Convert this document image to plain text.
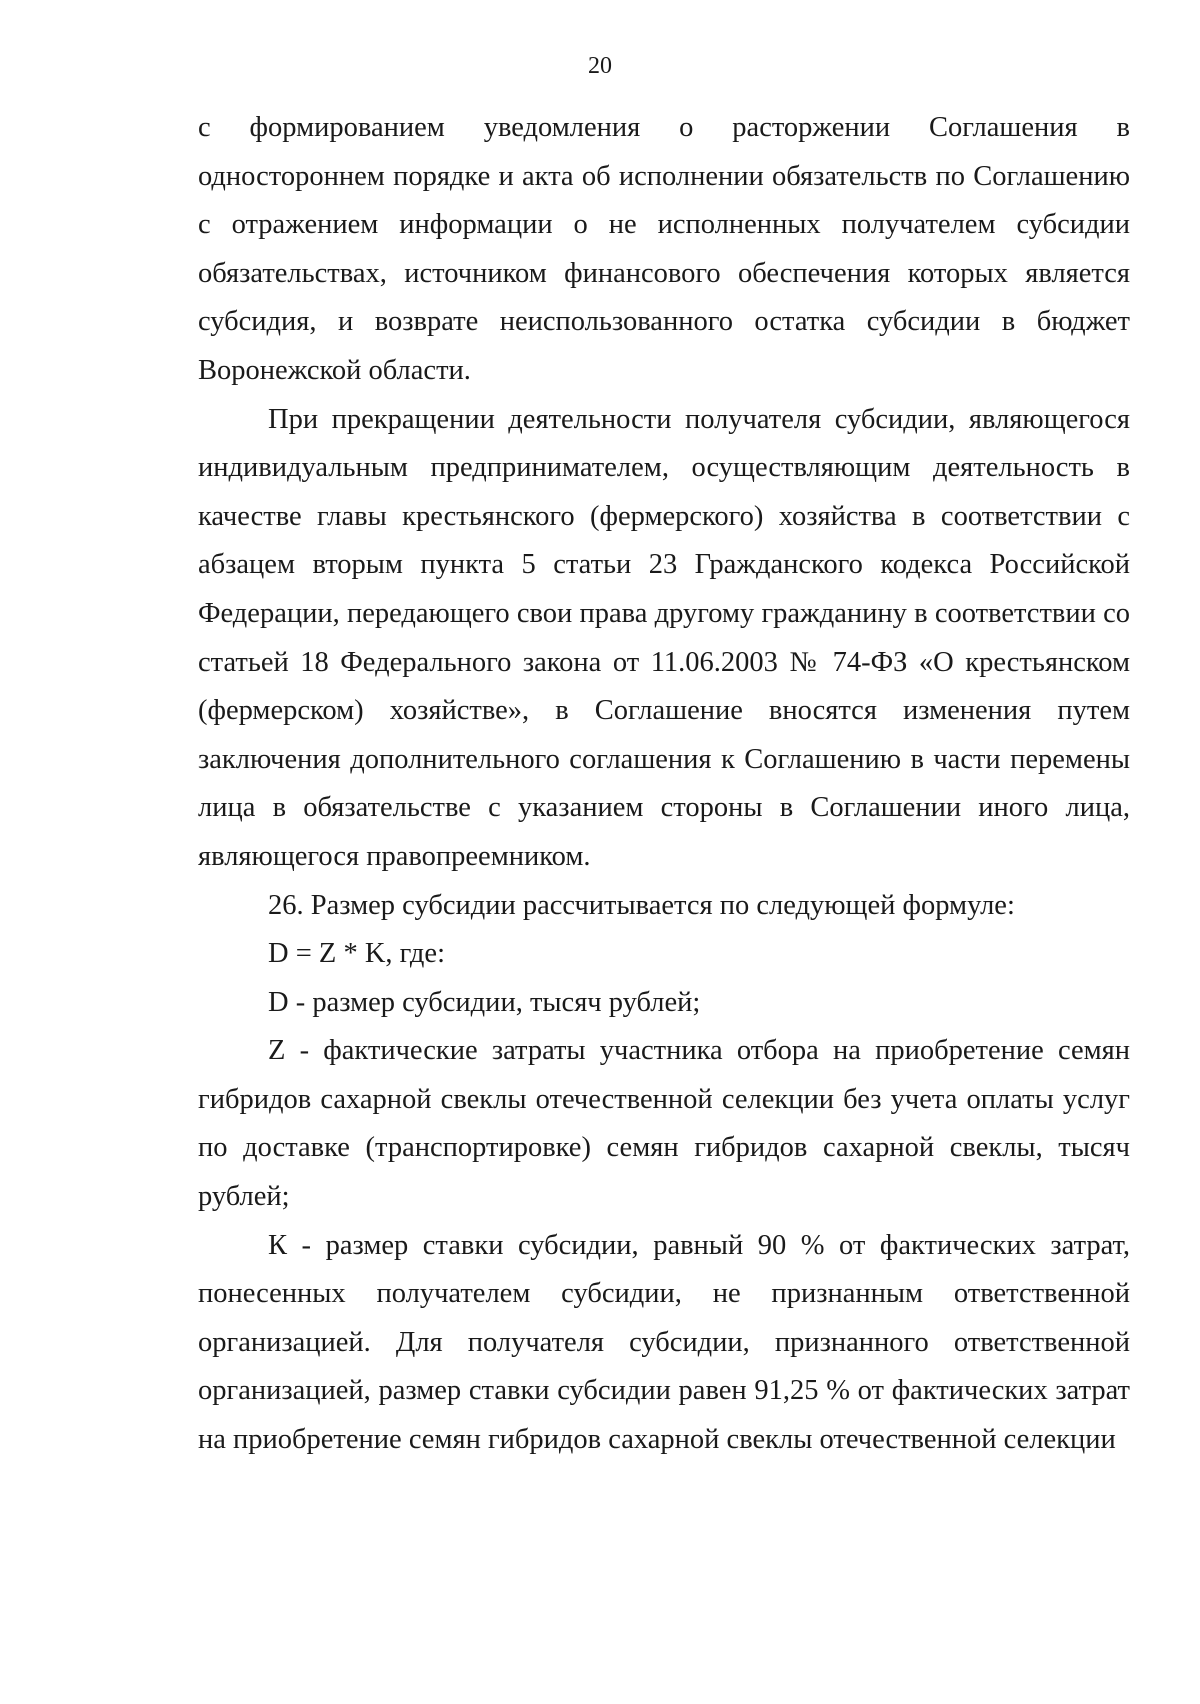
20

с формированием уведомления о расторжении Соглашения в одностороннем порядке и акта об исполнении обязательств по Соглашению с отражением информации о не исполненных получателем субсидии обязательствах, источником финансового обеспечения которых является субсидия, и возврате неиспользованного остатка субсидии в бюджет Воронежской области.

При прекращении деятельности получателя субсидии, являющегося индивидуальным предпринимателем, осуществляющим деятельность в качестве главы крестьянского (фермерского) хозяйства в соответствии с абзацем вторым пункта 5 статьи 23 Гражданского кодекса Российской Федерации, передающего свои права другому гражданину в соответствии со статьей 18 Федерального закона от 11.06.2003 № 74-ФЗ «О крестьянском (фермерском) хозяйстве», в Соглашение вносятся изменения путем заключения дополнительного соглашения к Соглашению в части перемены лица в обязательстве с указанием стороны в Соглашении иного лица, являющегося правопреемником.

26. Размер субсидии рассчитывается по следующей формуле:

D = Z * K, где:

D - размер субсидии, тысяч рублей;

Z - фактические затраты участника отбора на приобретение семян гибридов сахарной свеклы отечественной селекции без учета оплаты услуг по доставке (транспортировке) семян гибридов сахарной свеклы, тысяч рублей;

К - размер ставки субсидии, равный 90 % от фактических затрат, понесенных получателем субсидии, не признанным ответственной организацией. Для получателя субсидии, признанного ответственной организацией, размер ставки субсидии равен 91,25 % от фактических затрат на приобретение семян гибридов сахарной свеклы отечественной селекции
